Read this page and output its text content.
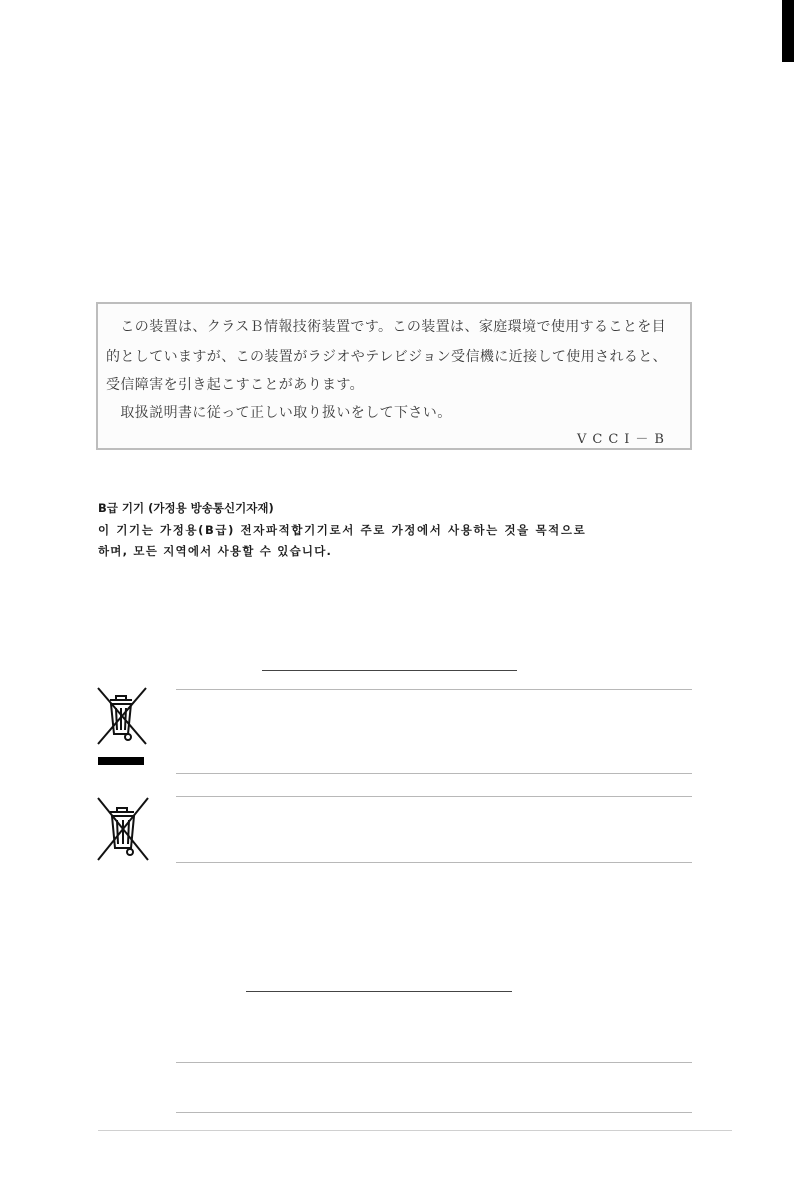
　この装置は、クラスＢ情報技術装置です。この装置は、家庭環境で使用することを目
的としていますが、この装置がラジオやテレビジョン受信機に近接して使用されると、
受信障害を引き起こすことがあります。
　取扱説明書に従って正しい取り扱いをして下さい。
VCCI－B
B급 기기 (가정용 방송통신기자재)
이 기기는 가정용(B급) 전자파적합기기로서 주로 가정에서 사용하는 것을 목적으로
하며, 모든 지역에서 사용할 수 있습니다.
